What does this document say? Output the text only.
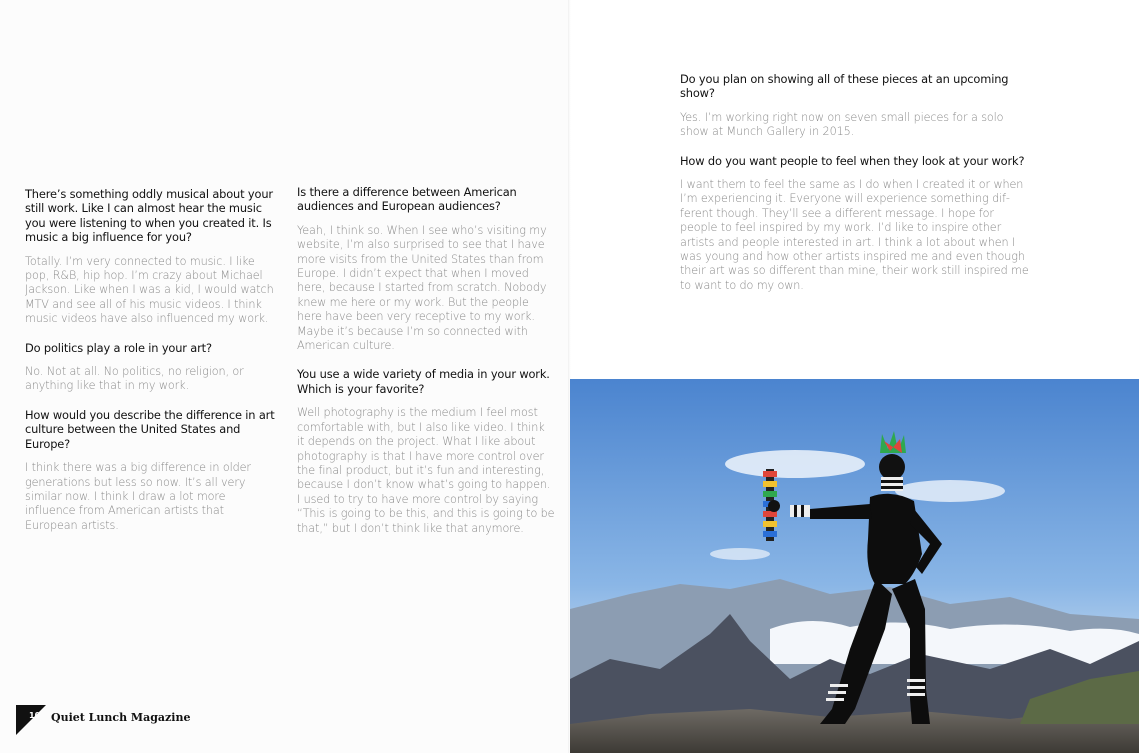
There’s something oddly musical about your still work. Like I can almost hear the music you were listening to when you created it. Is music a big influence for you?

Totally. I’m very connected to music. I like pop, R&B, hip hop. I’m crazy about Michael Jackson. Like when I was a kid, I would watch MTV and see all of his music videos. I think music videos have also influenced my work.

Do politics play a role in your art?

No. Not at all. No politics, no religion, or anything like that in my work.

How would you describe the difference in art culture between the United States and Europe?

I think there was a big difference in older generations but less so now. It’s all very similar now. I think I draw a lot more influence from American artists that European artists.

Is there a difference between American audiences and European audiences?

Yeah, I think so. When I see who’s visiting my website, I’m also surprised to see that I have more visits from the United States than from Europe. I didn’t expect that when I moved here, because I started from scratch. Nobody knew me here or my work. But the people here have been very receptive to my work. Maybe it’s because I’m so connected with American culture.

You use a wide variety of media in your work. Which is your favorite?

Well photography is the medium I feel most comfortable with, but I also like video. I think it depends on the project. What I like about photography is that I have more control over the final product, but it’s fun and interesting, because I don’t know what’s going to happen. I used to try to have more control by saying “This is going to be this, and this is going to be that,” but I don’t think like that anymore.

Do you plan on showing all of these pieces at an upcoming show?

Yes. I’m working right now on seven small pieces for a solo show at Munch Gallery in 2015.

How do you want people to feel when they look at your work?

I want them to feel the same as I do when I created it or when I’m experiencing it. Everyone will experience something dif-ferent though. They’ll see a different message. I hope for people to feel inspired by my work. I’d like to inspire other artists and people interested in art. I think a lot about when I was young and how other artists inspired me and even though their art was so different than mine, their work still inspired me to want to do my own.

10 Quiet Lunch Magazine
